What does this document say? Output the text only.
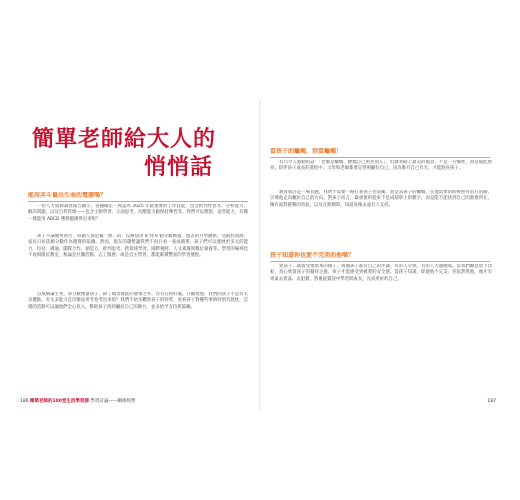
簡單老師給大人的
悄悄話
能用弄斗量出生命的寬廣嗎？
一份人力資源調查報告顯示，各國確定一致認為 2025 年最重要的工作技能，包含批判性思考、分析能力、解決問題，以及自我管理——包含主動學習、正面思考、抗壓能力跟保持彈性等。我們可以想想，這些能力，有哪一樣能用 ABCD 選擇題測得出來呢？
孩子不論優秀與否，每個人都是獨一無二的，沒辦法用 8 到 9 個分數衡量。過去的升學體系，受限於資源，家長只好依賴分數作為選擇的依據。然而，現在的趨勢讓我們不再只看一張成績單，孩子們可以發展更多元的能力，包括：溝通、團隊合作、創造力、批判思考、跨領域學習、國際視野、人文素養與數位素養等。學習的場域也不再侷限於教室，無論是社團活動、志工服務，或是自主學習，都能累積豐富的學習歷程。
以成績論生死，拿分數衡量孩子，除了傷害彼此的感情之外，沒有任何好處。仔細想想，我們的孩子不是有太多優點，有太多能力是沒辦法用考卷考出來的？我們不妨多觀察孩子的特質，看看孩子對哪些事情特別有熱忱，怎樣的活動可以讓他們全心投入，幫助孩子找到屬於自己的舞台，並多給予支持與鼓勵。
186 簡單老師的100堂生活學習課 學習討論——關係經營
當孩子的蠟燭，別當蠟燭！
有句令人感動的話：「老師是蠟燭，燃燒自己照亮別人」。但教育路上最美的風景，不是一方犧牲，而是彼此照亮。陪伴孩子成長的過程中，父母和老師都要記得照顧好自己，因為唯有自己有光，才能點亮孩子。
教育或許是一場長跑，我們不需要一路扛著孩子往前衝，而是當孩子的蠟燭，在他需要的時候照亮前方的路，引導他走向屬於自己的方向。對孩子而言，最重要的從來不是成績單上的數字，而是能不能找到自己的熱情所在，擁有面對挑戰的勇氣，以及在跌倒時，知道身後永遠有人支持。
孩子知道你也愛不完美的他嗎？
愛孩子，就接受他原本的樣子。每個孩子都有自己的步調，有的人早熟，有的人大器晚成。當我們願意放下比較，真心欣賞孩子的獨特之處，孩子才能感受到被愛的安全感。當孩子知道，即使他不完美，你依然愛他，他才有勇氣去嘗試、去犯錯，然後從錯誤中學習與成長，長成更好的自己。
187
